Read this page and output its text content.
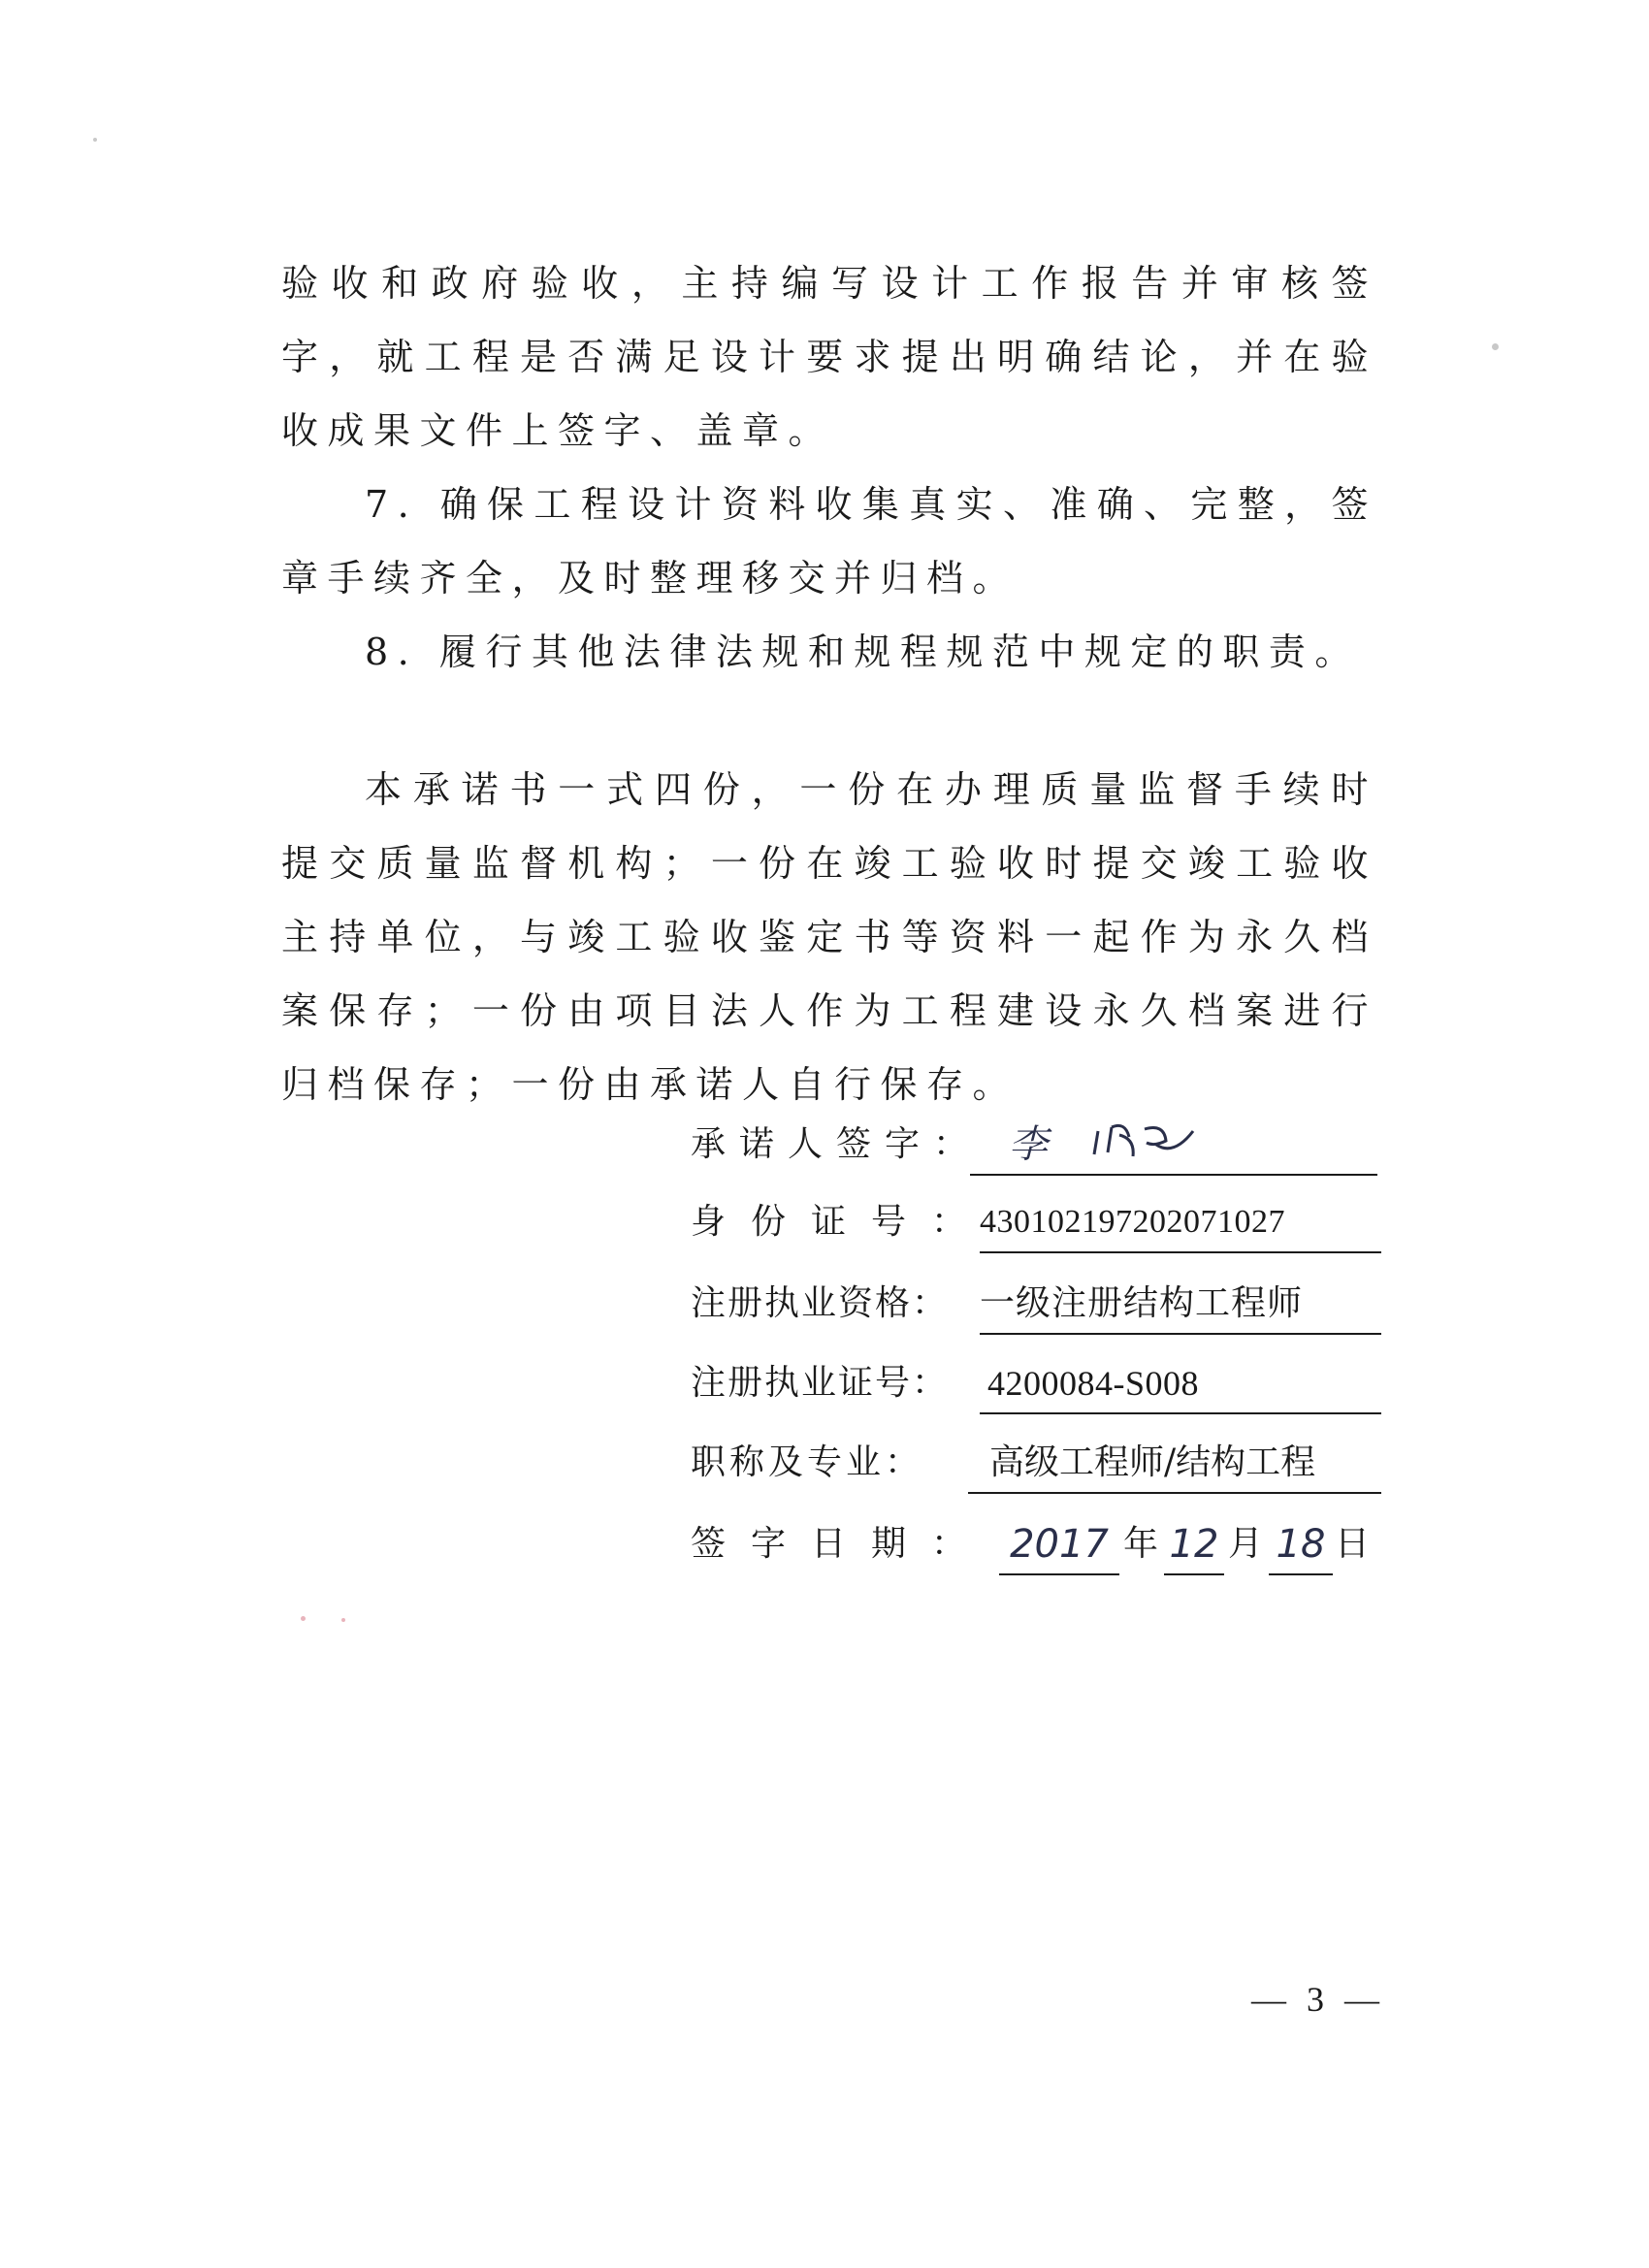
验收和政府验收，主持编写设计工作报告并审核签字，就工程是否满足设计要求提出明确结论，并在验收成果文件上签字、盖章。

7. 确保工程设计资料收集真实、准确、完整，签章手续齐全，及时整理移交并归档。

8. 履行其他法律法规和规程规范中规定的职责。

本承诺书一式四份，一份在办理质量监督手续时提交质量监督机构；一份在竣工验收时提交竣工验收主持单位，与竣工验收鉴定书等资料一起作为永久档案保存；一份由项目法人作为工程建设永久档案进行归档保存；一份由承诺人自行保存。

承诺人签字： 李
身份证号：
430102197202071027
注册执业资格： 一级注册结构工程师
注册执业证号： 4200084-S008
职称及专业：	高级工程师/结构工程
签字日期： 2017 年 12 月 18 日
— 3 —
